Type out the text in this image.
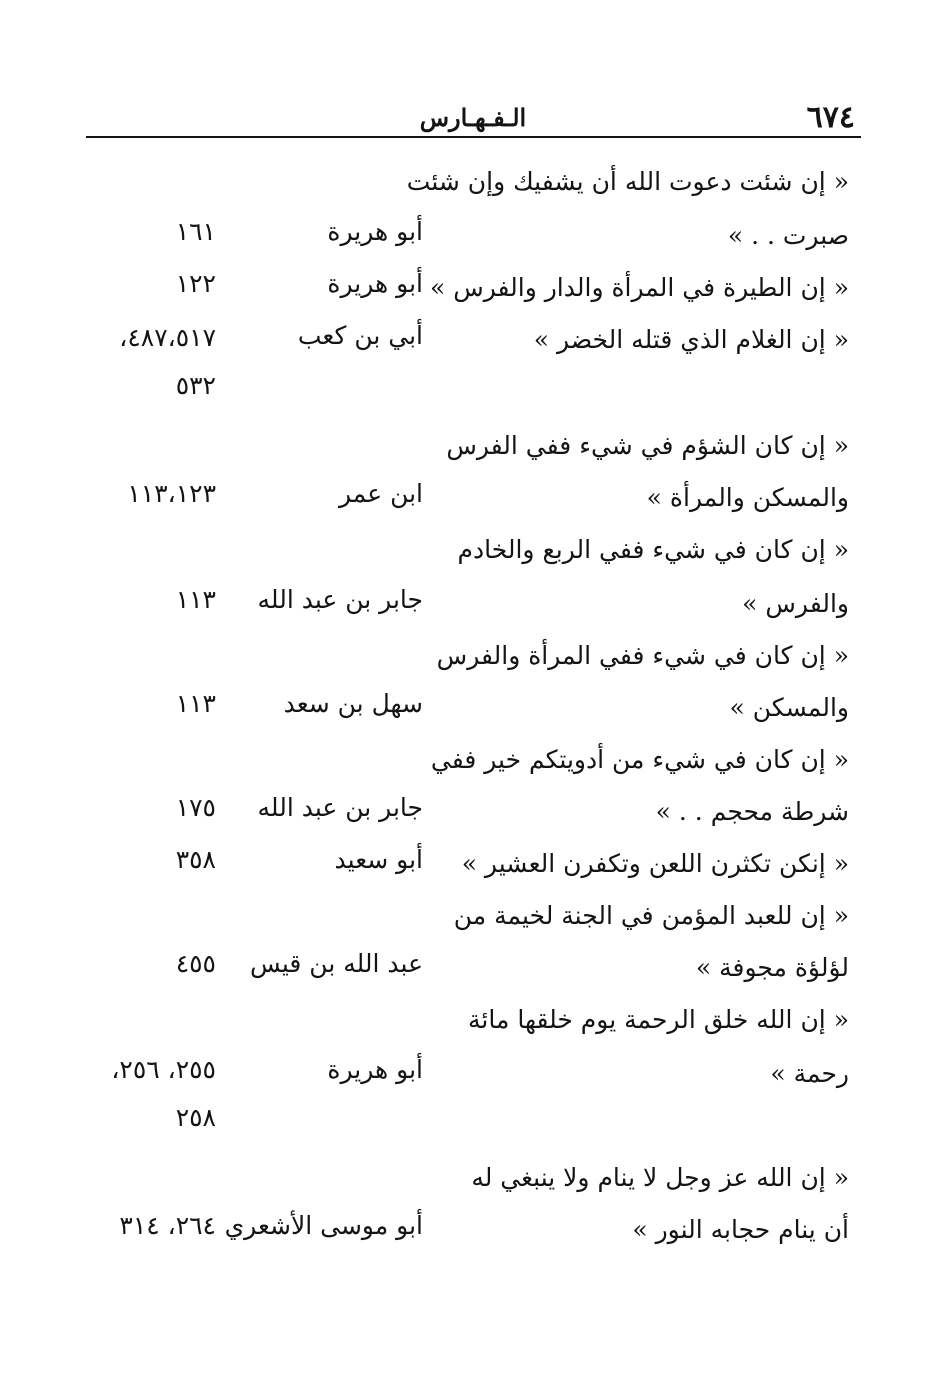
٦٧٤
الـفـهـارس
« إن شئت دعوت الله أن يشفيك وإن شئت
صبرت . . »
أبو هريرة
١٦١
« إن الطيرة في المرأة والدار والفرس »
أبو هريرة
١٢٢
« إن الغلام الذي قتله الخضر »
أبي بن كعب
٤٨٧،٥١٧،
٥٣٢
« إن كان الشؤم في شيء ففي الفرس
والمسكن والمرأة »
ابن عمر
١١٣،١٢٣
« إن كان في شيء ففي الربع والخادم
والفرس »
جابر بن عبد الله
١١٣
« إن كان في شيء ففي المرأة والفرس
والمسكن »
سهل بن سعد
١١٣
« إن كان في شيء من أدويتكم خير ففي
شرطة محجم . . »
جابر بن عبد الله
١٧٥
« إنكن تكثرن اللعن وتكفرن العشير »
أبو سعيد
٣٥٨
« إن للعبد المؤمن في الجنة لخيمة من
لؤلؤة مجوفة »
عبد الله بن قيس
٤٥٥
« إن الله خلق الرحمة يوم خلقها مائة
رحمة »
أبو هريرة
٢٥٥، ٢٥٦،
٢٥٨
« إن الله عز وجل لا ينام ولا ينبغي له
أن ينام حجابه النور »
أبو موسى الأشعري
٢٦٤، ٣١٤
